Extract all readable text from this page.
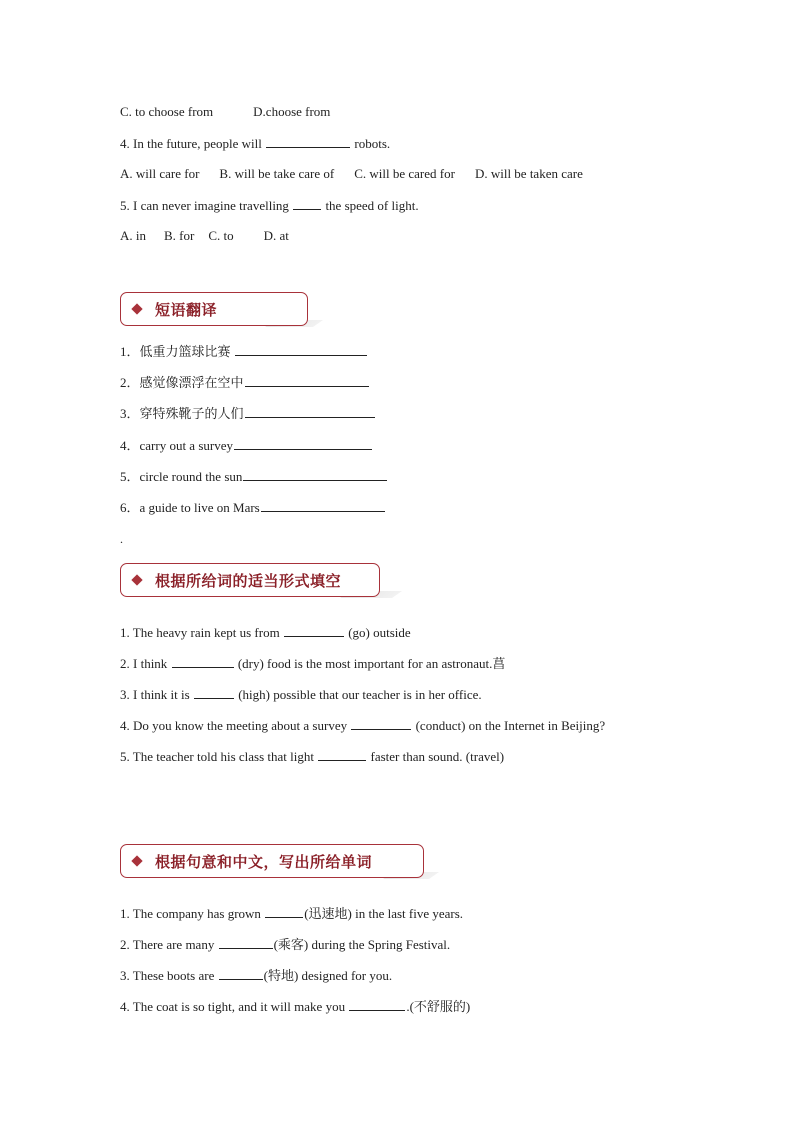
C. to choose from	D.choose from
4. In the future, people will	robots.
A. will care for B. will be take care of C. will be cared for D. will be taken care
5. I can never imagine travelling  the speed of light.
A. in B. for C. to D. at
短语翻译
1．低重力篮球比赛
2．感觉像漂浮在空中
3．穿特殊靴子的人们
4．carry out a survey
5．circle round the sun
6．a guide to live on Mars
.
根据所给词的适当形式填空
1. The heavy rain kept us from	(go) outside
2. I think	(dry) food is the most important for an astronaut.菖
3. I think it is	(high) possible that our teacher is in her office.
4. Do you know the meeting about a survey	(conduct) on the Internet in Beijing?
5. The teacher told his class that light	faster than sound. (travel)
根据句意和中文，写出所给单词
1. The company has grown	(迅速地) in the last five years.
2. There are many	(乘客) during the Spring Festival.
3. These boots are	(特地) designed for you.
4. The coat is so tight, and it will make you	.(不舒服的)
